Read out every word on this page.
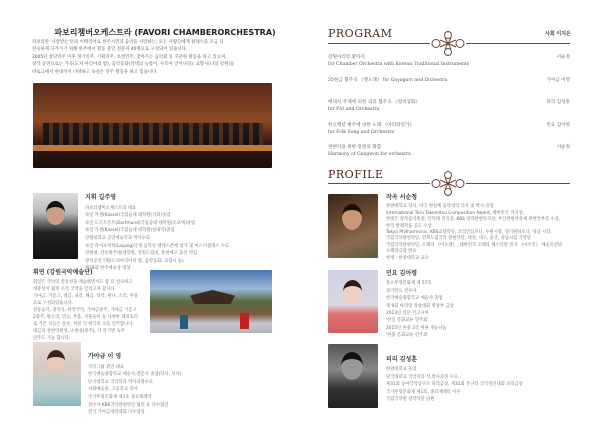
파보리챔버오케스트라 (FAVORI CHAMBERORCHESTRA)
파보리란 '사랑받는'뜻의 이태리어로 한주시민과 음악을 사랑하는, 모든 사람들에게 클래식을 조금 더
친숙하게 다가가기 위해 한주에서 활동 중인 전문자 40명으로 구성되어 있습니다.
2005년 창단연주 이후 정기연주, 기획연주, 초청연주, 찾아가는 음악회 등 꾸준한 활동을 하고 있으며,
창작 공연으로는 가곡(도치 아리아의 밤), 음악동화(작네의 늑항이, 수호아 일어나라), 교향시(나의 강원)등
바로크에서 현대까지 다양하고 독실은 연주 활동을 하고 있습니다.
지휘 길주영
파보리챔버오케스트라 대표
독일 카셀(Kassel)국립음대 대학원(지휘)졸업
독일 도르트문트(Dortmund)국립음대 대학원(오보에)졸업
독일 카셀(Kassel)국립음대 대학원(실내악)졸업
강원대학교 공연예술학과 박사수료
독일 라이프치히(Leipzig)국제 음악성 멘데스존에 참가 및 마스터클래스 수료
강원대, 강릉원주대/대학원, 강원도립대, 춘천예고 출강 역임
창작공연기획(도치아리아의 밤, 음악동화, 교향시 등)
제28회 한주예술상 대상
휘연 (강원국악예술단)
휘연은 국악의 전통성을 계승하면서도 좀 더 친숙하고
대중성이 쉽게 우리 국악을 알리고자 합니다.
가야금, 거문고, 대금, 피리, 해금, 타악, 판나, 소리, 무용
으로 구성되었습니다.
전통음악, 창작곡, 퓨전국악, 가야금중주, 가야금 거문고
2중주, 판소리, 민요, 무용, 사물놀이 등 다양한 레퍼토리
로 거문 곡들은 물론, 처절 의 한국의 곡을 연주합니다.
대금과 관현악편성, 소편성(중주), 각 악기별 독주
연주도 가능 합니다.
가야금 이 영
국악그룹 휘연 대표
한국예술종합학교 예술사,전문사 졸업(학사, 석사)
단국대학교 국악학과 박사과정수료
선화예술중, 고등학교 강사
국가무형문화재 제1호 종묘제례악
전수자 KBS국악관현악단 협연 등 다수협연
전국 가야금경연대회 다수입상
PROGRAM	사회 이지은
강원아리랑 환타지
for Chamber Orchestra with Korean Traditional Instruments
서순정
25현금 협주곡 《뱃노래》 for Gayagum and Orchestra	가야금 이영
베네치 주제에 의한 피리 협주곡 《청적상화》
for Piri and Orchestra
피리 김성훈
한오백년 변주에 의한 노래 《아리랑연가》
for Folk Song and Orchestra
민요 김아령
관현악을 위한 강원의 화합
Harmony of Gangwon for orchestra
서순정
PROFILE
작곡 서순정
한양대학교 학사, 미국 펜실베 음악대학 석사 및 박사 졸업
International Toru Takemitsu Composition Award, 대한민국 작곡상,
한빛은 창작음악축전, 안익태 작곡상, KBS 창작관현악곡상, 부산관현악축제 관현악부문 수상,
한국 발레작품 공모 수상
Tokyo Philharmonic, KBS교향악단, 코리안심포니, 수원시향, 경기필하모닉, 성남 시향,
국립국악관현악단, 전북도립국악 관현악단, 대전, 대구, 울산, 성남시립 국악단
국립국악관현악단, 오페라 《이오넨》, 대한민국 오페라 페스티벌 전곡 《마우린》 예술의전당
오페라극장 발표
현재 : 한양대학교 교수
민요 김아령
중요무형문화재 제 57호
경기민요 전수자
한국예술종합학교 예술사 졸업
제 9회 아리랑 경창대회 명창부 금상
2013년 일본 키고시마
'한일 문화교류 연주회'
2015년 한중 3국 여권 개능나눔
'한중 문화교류 연주회'
피리 김성훈
한양대학교 졸업
단국대학교 국악학과 석,박사과정 수료
제31회 동아국악콩쿠르 피리금상, 제31회 온나라 국악경연대회 피리금상
국가무형문화재 제1호, 종묘제례악 이수
국립국악원 창작악단 단원
